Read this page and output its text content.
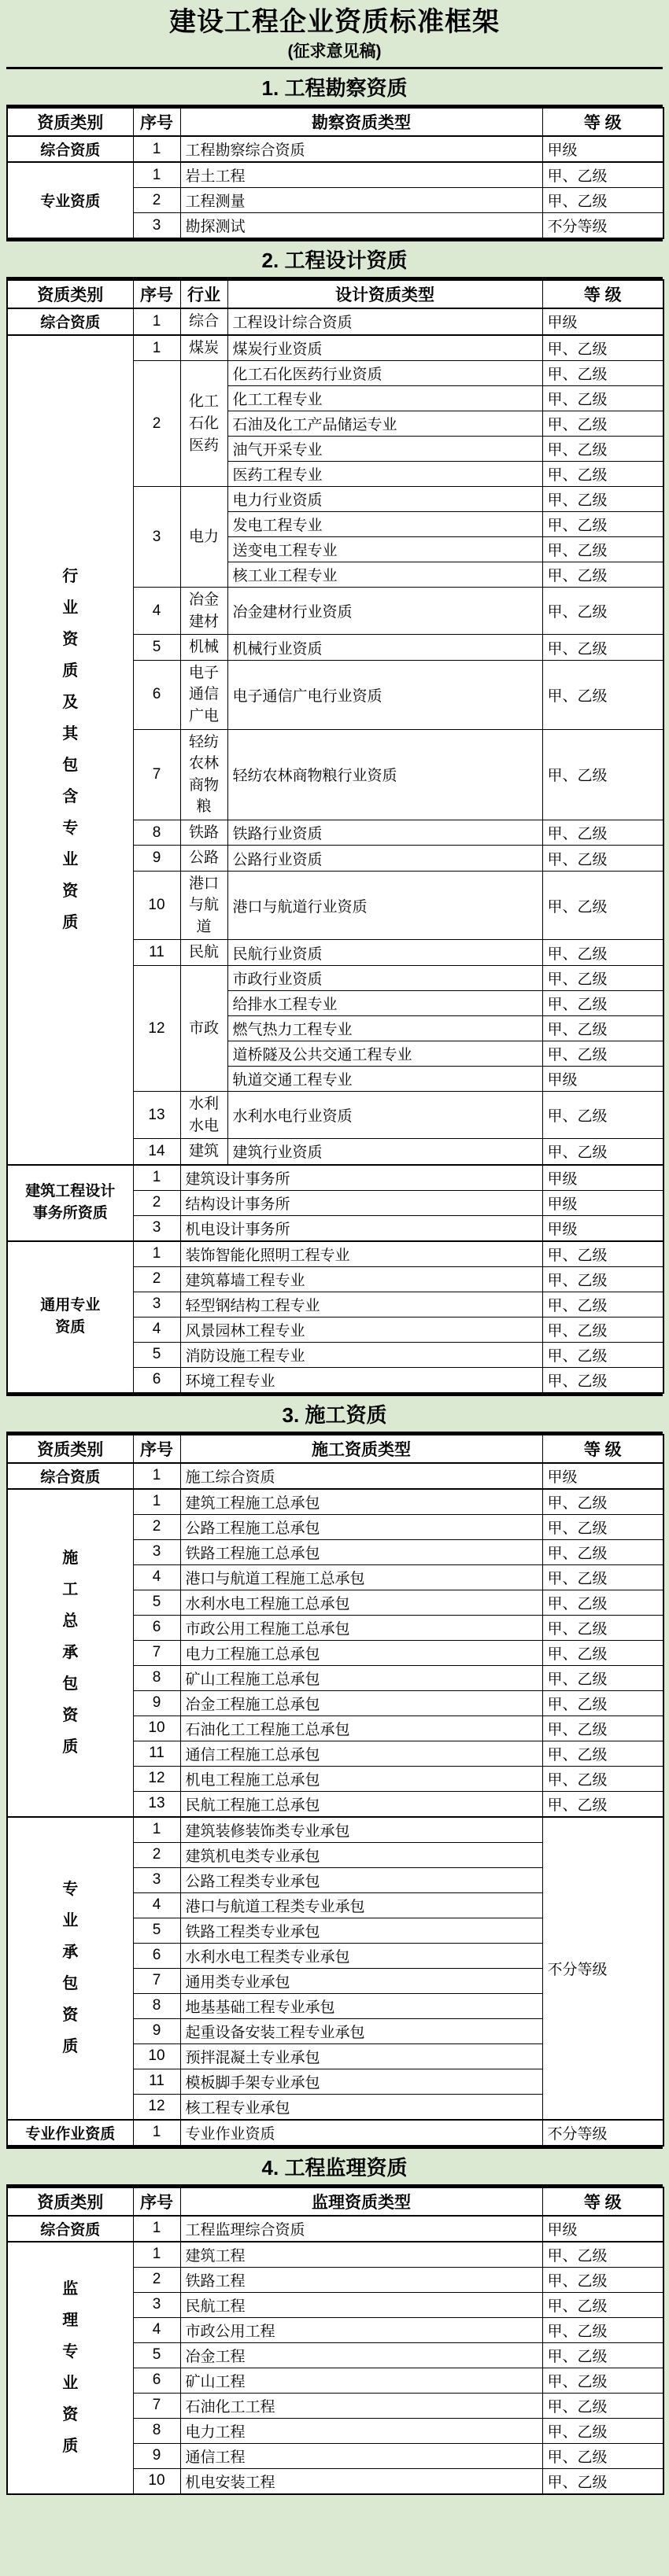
建设工程企业资质标准框架
(征求意见稿)
1. 工程勘察资质
资质类别	序号	勘察资质类型	等 级
综合资质	1	工程勘察综合资质	甲级
专业资质	1	岩土工程	甲、乙级
	2	工程测量	甲、乙级
	3	勘探测试	不分等级
2. 工程设计资质
资质类别	序号	行业	设计资质类型	等 级
综合资质	1	综合	工程设计综合资质	甲级

行业资质及其包含专业资质	1	煤炭	煤炭行业资质	甲、乙级
	2	化工石化医药	化工石化医药行业资质	甲、乙级
			化工工程专业	甲、乙级
			石油及化工产品储运专业	甲、乙级
			油气开采专业	甲、乙级
			医药工程专业	甲、乙级
	3	电力	电力行业资质	甲、乙级
			发电工程专业	甲、乙级
			送变电工程专业	甲、乙级
			核工业工程专业	甲、乙级
	4	冶金建材	冶金建材行业资质	甲、乙级
	5	机械	机械行业资质	甲、乙级
	6	电子通信广电	电子通信广电行业资质	甲、乙级
	7	轻纺农林商物粮	轻纺农林商物粮行业资质	甲、乙级
	8	铁路	铁路行业资质	甲、乙级
	9	公路	公路行业资质	甲、乙级
	10	港口与航道	港口与航道行业资质	甲、乙级
	11	民航	民航行业资质	甲、乙级
	12	市政	市政行业资质	甲、乙级
			给排水工程专业	甲、乙级
			燃气热力工程专业	甲、乙级
			道桥隧及公共交通工程专业	甲、乙级
			轨道交通工程专业	甲级
	13	水利水电	水利水电行业资质	甲、乙级
	14	建筑	建筑行业资质	甲、乙级
建筑工程设计事务所资质	1	建筑设计事务所		甲级
	2	结构设计事务所		甲级
	3	机电设计事务所		甲级
通用专业资质	1	装饰智能化照明工程专业		甲、乙级
	2	建筑幕墙工程专业		甲、乙级
	3	轻型钢结构工程专业		甲、乙级
	4	风景园林工程专业		甲、乙级
	5	消防设施工程专业		甲、乙级
	6	环境工程专业		甲、乙级
3. 施工资质
资质类别	序号	施工资质类型	等 级
综合资质	1	施工综合资质	甲级

施工总承包资质	1	建筑工程施工总承包	甲、乙级
	2	公路工程施工总承包	甲、乙级
	3	铁路工程施工总承包	甲、乙级
	4	港口与航道工程施工总承包	甲、乙级
	5	水利水电工程施工总承包	甲、乙级
	6	市政公用工程施工总承包	甲、乙级
	7	电力工程施工总承包	甲、乙级
	8	矿山工程施工总承包	甲、乙级
	9	冶金工程施工总承包	甲、乙级
	10	石油化工工程施工总承包	甲、乙级
	11	通信工程施工总承包	甲、乙级
	12	机电工程施工总承包	甲、乙级
	13	民航工程施工总承包	甲、乙级

专业承包资质	1	建筑装修装饰类专业承包	不分等级
	2	建筑机电类专业承包	
	3	公路工程类专业承包	
	4	港口与航道工程类专业承包	
	5	铁路工程类专业承包	
	6	水利水电工程类专业承包	
	7	通用类专业承包	
	8	地基基础工程专业承包	
	9	起重设备安装工程专业承包	
	10	预拌混凝土专业承包	
	11	模板脚手架专业承包	
	12	核工程专业承包	
专业作业资质	1	专业作业资质	不分等级
4. 工程监理资质
资质类别	序号	监理资质类型	等 级
综合资质	1	工程监理综合资质	甲级

监理专业资质	1	建筑工程	甲、乙级
	2	铁路工程	甲、乙级
	3	民航工程	甲、乙级
	4	市政公用工程	甲、乙级
	5	冶金工程	甲、乙级
	6	矿山工程	甲、乙级
	7	石油化工工程	甲、乙级
	8	电力工程	甲、乙级
	9	通信工程	甲、乙级
	10	机电安装工程	甲、乙级
